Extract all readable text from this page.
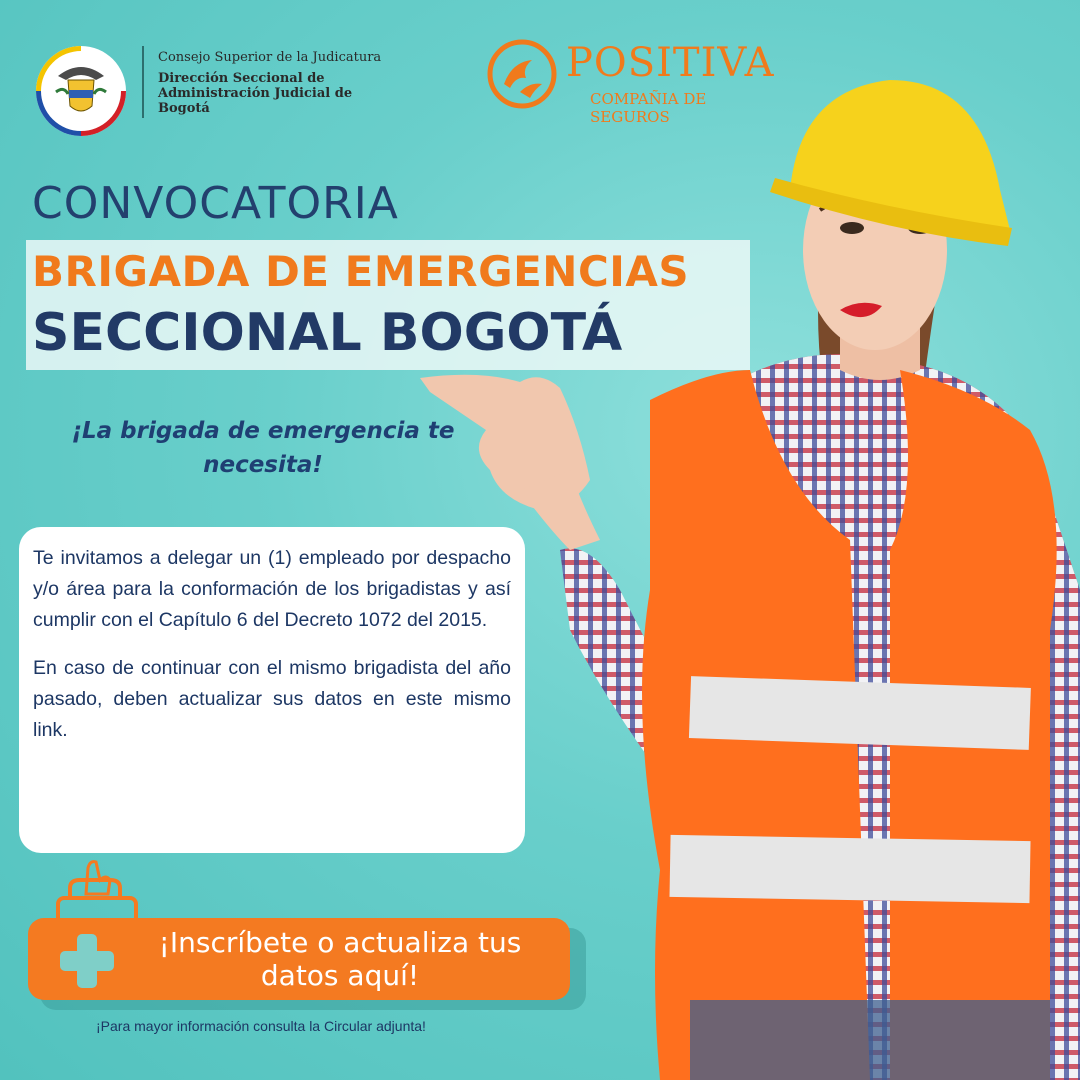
Consejo Superior de la Judicatura
Dirección Seccional de Administración Judicial de Bogotá
POSITIVA
COMPAÑIA DE SEGUROS
CONVOCATORIA
BRIGADA DE EMERGENCIAS
SECCIONAL BOGOTÁ
¡La brigada de emergencia te necesita!

Te invitamos a delegar un (1) empleado por despacho y/o área para la conformación de los brigadistas y así cumplir con el Capítulo 6 del Decreto 1072 del 2015.

En caso de continuar con el mismo brigadista del año pasado, deben actualizar sus datos en este mismo link.

¡Inscríbete o actualiza tus datos aquí!
¡Para mayor información consulta la Circular adjunta!
